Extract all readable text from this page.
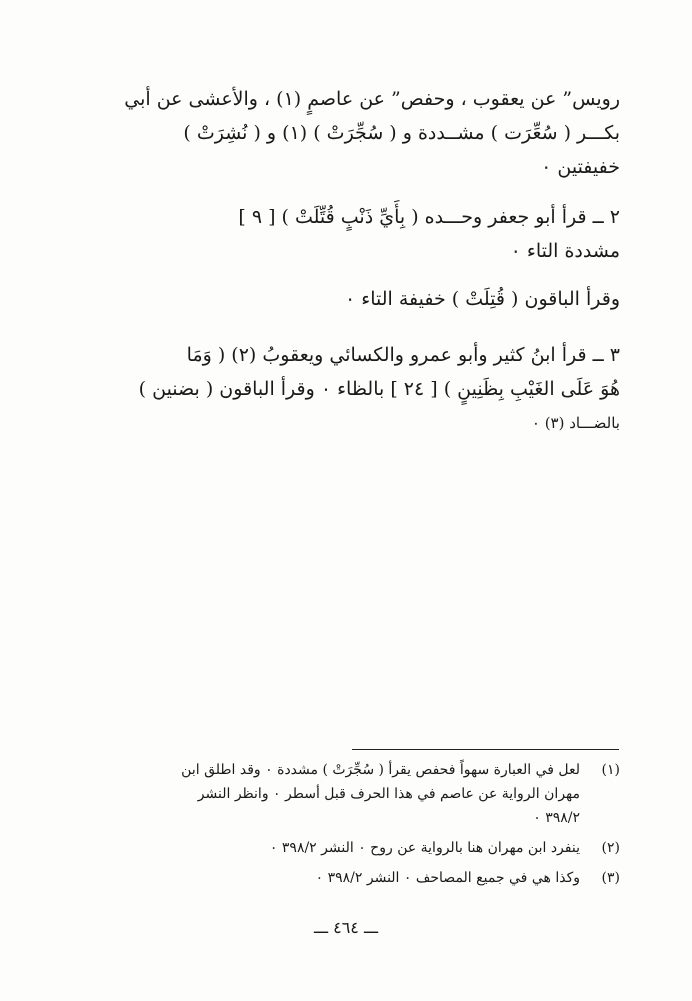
رويس” عن يعقوب ، وحفص” عن عاصمٍ (١) ، والأعشى عن أبي
بكـــر ( سُعِّرَت ) مشــددة و ( سُجِّرَتْ ) (١) و ( نُشِرَتْ )
خفيفتين ٠
٢ ــ قرأ أبو جعفر وحـــده ( بِأَيِّ ذَنْبٍ قُتِّلَتْ ) [ ٩ ]
مشددة التاء ٠
وقرأ الباقون ( قُتِلَتْ ) خفيفة التاء ٠
٣ ــ قرأ ابنُ كثير وأبو عمرو والكسائي ويعقوبُ (٢) ( وَمَا
هُوَ عَلَى الغَيْبِ بِظَنِينٍ ) [ ٢٤ ] بالظاء ٠ وقرأ الباقون ( بضنين )
بالضـــاد (٣) ٠
(١)
لعل في العبارة سهواً فحفص يقرأ ( سُجِّرَتْ ) مشددة ٠ وقد اطلق ابن
مهران الرواية عن عاصم في هذا الحرف قبل أسطر ٠ وانظر النشر
٣٩٨/٢ ٠
(٢)
ينفرد ابن مهران هنا بالرواية عن روح ٠ النشر ٣٩٨/٢ ٠
(٣)
وكذا هي في جميع المصاحف ٠ النشر ٣٩٨/٢ ٠
ـــ ٤٦٤ ـــ
